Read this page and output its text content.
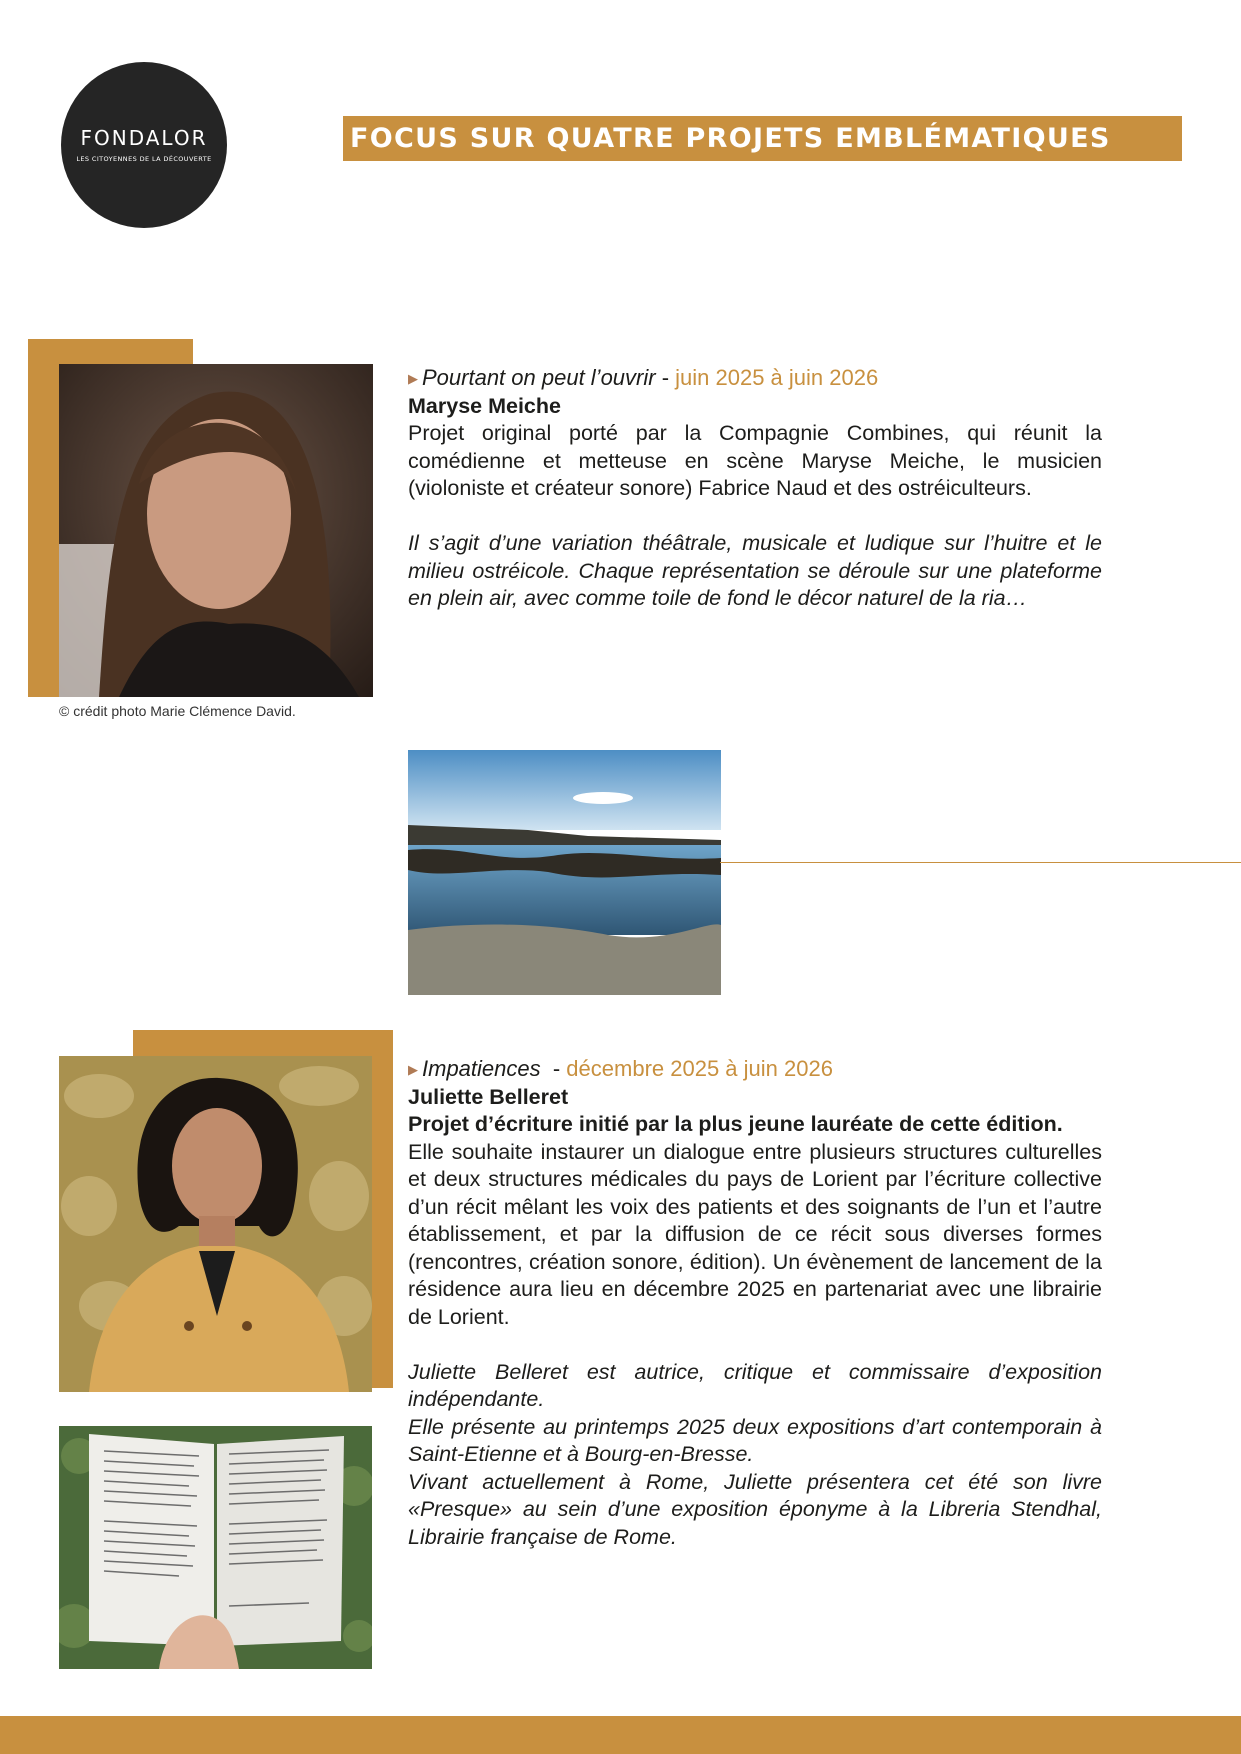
FONDALOR
LES CITOYENNES DE LA DÉCOUVERTE
FOCUS SUR QUATRE PROJETS EMBLÉMATIQUES
© crédit photo Marie Clémence David.

▶ Pourtant on peut l’ouvrir - juin 2025 à juin 2026

Maryse Meiche

Projet original porté par la Compagnie Combines, qui réunit la comédienne et metteuse en scène Maryse Meiche, le musicien (violoniste et créateur sonore) Fabrice Naud et des ostréiculteurs.

Il s’agit d’une variation théâtrale, musicale et ludique sur l’huitre et le milieu ostréicole. Chaque représentation se déroule sur une plateforme en plein air, avec comme toile de fond le décor naturel de la ria…

▶ Impatiences  - décembre 2025 à juin 2026

Juliette Belleret

Projet d’écriture initié par la plus jeune lauréate de cette édition.

Elle souhaite instaurer un dialogue entre plusieurs structures culturelles et deux structures médicales du pays de Lorient par l’écriture collective d’un récit mêlant les voix des patients et des soignants de l’un et l’autre établissement, et par la diffusion de ce récit sous diverses formes (rencontres, création sonore, édition). Un évènement de lancement de la résidence aura lieu en décembre 2025 en partenariat avec une librairie de Lorient.

Juliette Belleret est autrice, critique et commissaire d’exposition indépendante.

Elle présente au printemps 2025 deux expositions d’art contemporain à Saint-Etienne et à Bourg-en-Bresse.

Vivant actuellement à Rome, Juliette présentera cet été son livre «Presque» au sein d’une exposition éponyme à la Libreria Stendhal, Librairie française de Rome.
